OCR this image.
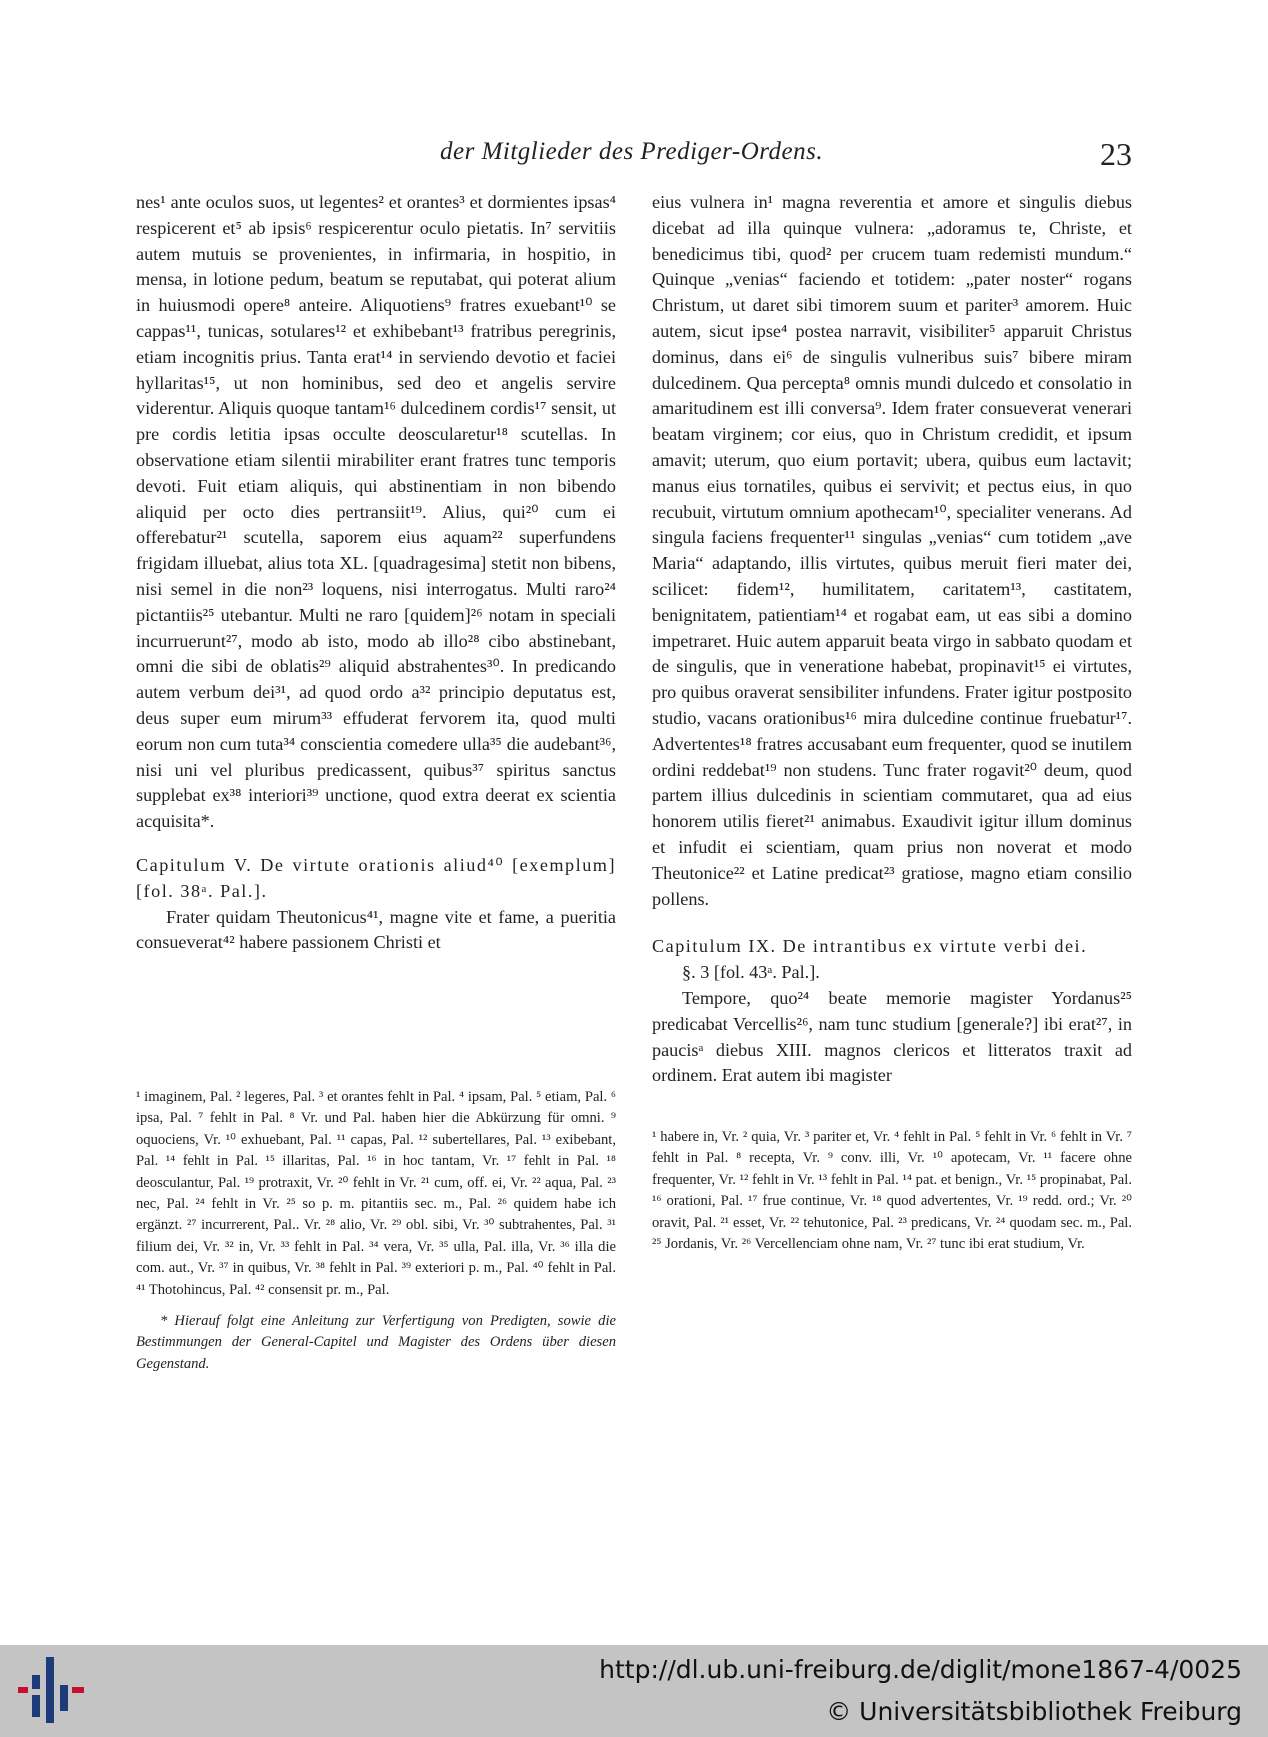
der Mitglieder des Prediger-Ordens.	23

nes¹ ante oculos suos, ut legentes² et orantes³ et dormientes ipsas⁴ respicerent et⁵ ab ipsis⁶ respicerentur oculo pietatis. In⁷ servitiis autem mutuis se provenientes, in infirmaria, in hospitio, in mensa, in lotione pedum, beatum se reputabat, qui poterat alium in huiusmodi opere⁸ anteire. Aliquotiens⁹ fratres exuebant¹⁰ se cappas¹¹, tunicas, sotulares¹² et exhibebant¹³ fratribus peregrinis, etiam incognitis prius. Tanta erat¹⁴ in serviendo devotio et faciei hyllaritas¹⁵, ut non hominibus, sed deo et angelis servire viderentur. Aliquis quoque tantam¹⁶ dulcedinem cordis¹⁷ sensit, ut pre cordis letitia ipsas occulte deoscularetur¹⁸ scutellas. In observatione etiam silentii mirabiliter erant fratres tunc temporis devoti. Fuit etiam aliquis, qui abstinentiam in non bibendo aliquid per octo dies pertransiit¹⁹. Alius, qui²⁰ cum ei offerebatur²¹ scutella, saporem eius aquam²² superfundens frigidam illuebat, alius tota XL. [quadragesima] stetit non bibens, nisi semel in die non²³ loquens, nisi interrogatus. Multi raro²⁴ pictantiis²⁵ utebantur. Multi ne raro [quidem]²⁶ notam in speciali incurruerunt²⁷, modo ab isto, modo ab illo²⁸ cibo abstinebant, omni die sibi de oblatis²⁹ aliquid abstrahentes³⁰. In predicando autem verbum dei³¹, ad quod ordo a³² principio deputatus est, deus super eum mirum³³ effuderat fervorem ita, quod multi eorum non cum tuta³⁴ conscientia comedere ulla³⁵ die audebant³⁶, nisi uni vel pluribus predicassent, quibus³⁷ spiritus sanctus supplebat ex³⁸ interiori³⁹ unctione, quod extra deerat ex scientia acquisita*.

Capitulum V. De virtute orationis aliud⁴⁰ [exemplum] [fol. 38ᵃ. Pal.].

Frater quidam Theutonicus⁴¹, magne vite et fame, a pueritia consueverat⁴² habere passionem Christi et

eius vulnera in¹ magna reverentia et amore et singulis diebus dicebat ad illa quinque vulnera: „adoramus te, Christe, et benedicimus tibi, quod² per crucem tuam redemisti mundum.“ Quinque „venias“ faciendo et totidem: „pater noster“ rogans Christum, ut daret sibi timorem suum et pariter³ amorem. Huic autem, sicut ipse⁴ postea narravit, visibiliter⁵ apparuit Christus dominus, dans ei⁶ de singulis vulneribus suis⁷ bibere miram dulcedinem. Qua percepta⁸ omnis mundi dulcedo et consolatio in amaritudinem est illi conversa⁹. Idem frater consueverat venerari beatam virginem; cor eius, quo in Christum credidit, et ipsum amavit; uterum, quo eium portavit; ubera, quibus eum lactavit; manus eius tornatiles, quibus ei servivit; et pectus eius, in quo recubuit, virtutum omnium apothecam¹⁰, specialiter venerans. Ad singula faciens frequenter¹¹ singulas „venias“ cum totidem „ave Maria“ adaptando, illis virtutes, quibus meruit fieri mater dei, scilicet: fidem¹², humilitatem, caritatem¹³, castitatem, benignitatem, patientiam¹⁴ et rogabat eam, ut eas sibi a domino impetraret. Huic autem apparuit beata virgo in sabbato quodam et de singulis, que in veneratione habebat, propinavit¹⁵ ei virtutes, pro quibus oraverat sensibiliter infundens. Frater igitur postposito studio, vacans orationibus¹⁶ mira dulcedine continue fruebatur¹⁷. Advertentes¹⁸ fratres accusabant eum frequenter, quod se inutilem ordini reddebat¹⁹ non studens. Tunc frater rogavit²⁰ deum, quod partem illius dulcedinis in scientiam commutaret, qua ad eius honorem utilis fieret²¹ animabus. Exaudivit igitur illum dominus et infudit ei scientiam, quam prius non noverat et modo Theutonice²² et Latine predicat²³ gratiose, magno etiam consilio pollens.

Capitulum IX. De intrantibus ex virtute verbi dei.

§. 3 [fol. 43ᵃ. Pal.].

Tempore, quo²⁴ beate memorie magister Yordanus²⁵ predicabat Vercellis²⁶, nam tunc studium [generale?] ibi erat²⁷, in paucisᵃ diebus XIII. magnos clericos et litteratos traxit ad ordinem. Erat autem ibi magister

¹ imaginem, Pal. ² legeres, Pal. ³ et orantes fehlt in Pal. ⁴ ipsam, Pal. ⁵ etiam, Pal. ⁶ ipsa, Pal. ⁷ fehlt in Pal. ⁸ Vr. und Pal. haben hier die Abkürzung für omni. ⁹ oquociens, Vr. ¹⁰ exhuebant, Pal. ¹¹ capas, Pal. ¹² subertellares, Pal. ¹³ exibebant, Pal. ¹⁴ fehlt in Pal. ¹⁵ illaritas, Pal. ¹⁶ in hoc tantam, Vr. ¹⁷ fehlt in Pal. ¹⁸ deosculantur, Pal. ¹⁹ protraxit, Vr. ²⁰ fehlt in Vr. ²¹ cum, off. ei, Vr. ²² aqua, Pal. ²³ nec, Pal. ²⁴ fehlt in Vr. ²⁵ so p. m. pitantiis sec. m., Pal. ²⁶ quidem habe ich ergänzt. ²⁷ incurrerent, Pal.. Vr. ²⁸ alio, Vr. ²⁹ obl. sibi, Vr. ³⁰ subtrahentes, Pal. ³¹ filium dei, Vr. ³² in, Vr. ³³ fehlt in Pal. ³⁴ vera, Vr. ³⁵ ulla, Pal. illa, Vr. ³⁶ illa die com. aut., Vr. ³⁷ in quibus, Vr. ³⁸ fehlt in Pal. ³⁹ exteriori p. m., Pal. ⁴⁰ fehlt in Pal. ⁴¹ Thotohincus, Pal. ⁴² consensit pr. m., Pal.

* Hierauf folgt eine Anleitung zur Verfertigung von Predigten, sowie die Bestimmungen der General-Capitel und Magister des Ordens über diesen Gegenstand.

¹ habere in, Vr. ² quia, Vr. ³ pariter et, Vr. ⁴ fehlt in Pal. ⁵ fehlt in Vr. ⁶ fehlt in Vr. ⁷ fehlt in Pal. ⁸ recepta, Vr. ⁹ conv. illi, Vr. ¹⁰ apotecam, Vr. ¹¹ facere ohne frequenter, Vr. ¹² fehlt in Vr. ¹³ fehlt in Pal. ¹⁴ pat. et benign., Vr. ¹⁵ propinabat, Pal. ¹⁶ orationi, Pal. ¹⁷ frue continue, Vr. ¹⁸ quod advertentes, Vr. ¹⁹ redd. ord.; Vr. ²⁰ oravit, Pal. ²¹ esset, Vr. ²² tehutonice, Pal. ²³ predicans, Vr. ²⁴ quodam sec. m., Pal. ²⁵ Jordanis, Vr. ²⁶ Vercellenciam ohne nam, Vr. ²⁷ tunc ibi erat studium, Vr.

http://dl.ub.uni-freiburg.de/diglit/mone1867-4/0025
© Universitätsbibliothek Freiburg
